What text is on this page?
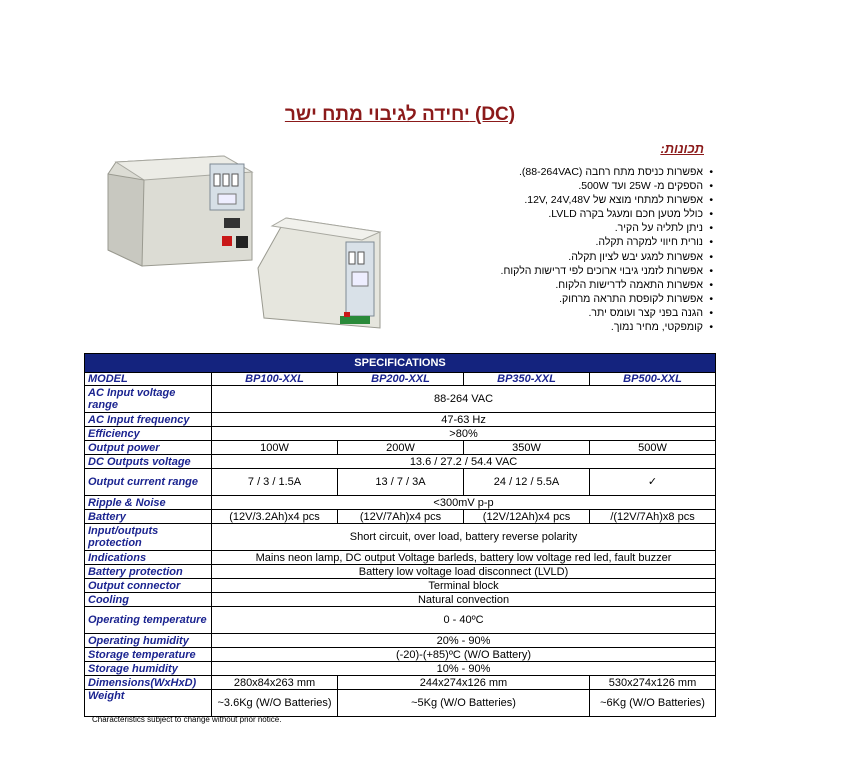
יחידה לגיבוי מתח ישר (DC)
תכונות:
• אפשרות כניסת מתח רחבה (88-264VAC).
• הספקים מ- 25W ועד 500W.
• אפשרות למתחי מוצא של 12V, 24V,48V.
• כולל מטען חכם ומעגל בקרה LVLD.
• ניתן לתליה על הקיר.
• נורית חיווי למקרה תקלה.
• אפשרות למגע יבש לציון תקלה.
• אפשרות לזמני גיבוי ארוכים לפי דרישות הלקוח.
• אפשרות התאמה לדרישות הלקוח.
• אפשרות לקופסת התראה מרחוק.
• הגנה בפני קצר ועומס יתר.
• קומפקטי, מחיר נמוך.
SPECIFICATIONS				
MODEL	BP100-XXL	BP200-XXL	BP350-XXL	BP500-XXL
AC Input voltage range	88-264 VAC			
AC Input frequency	47-63 Hz			
Efficiency	>80%			
Output power	100W	200W	350W	500W
DC Outputs voltage	13.6 / 27.2 / 54.4 VAC			
Output current range	7 / 3 / 1.5A	13 / 7 / 3A	24 / 12 / 5.5A	✓
Ripple & Noise	<300mV p-p			
Battery	(12V/3.2Ah)x4 pcs	(12V/7Ah)x4 pcs	(12V/12Ah)x4 pcs	/(12V/7Ah)x8 pcs
Input/outputs protection	Short circuit, over load, battery reverse polarity			
Indications	Mains neon lamp, DC output Voltage barleds, battery low voltage red led, fault buzzer			
Battery protection	Battery low voltage load disconnect (LVLD)			
Output connector	Terminal block			
Cooling	Natural convection			
Operating temperature	0 - 40ºC			
Operating humidity	20% - 90%			
Storage temperature	(-20)-(+85)ºC (W/O Battery)			
Storage humidity	10% - 90%			
Dimensions(WxHxD)	280x84x263 mm	244x274x126 mm		530x274x126 mm
Weight	~3.6Kg (W/O Batteries)	~5Kg (W/O Batteries)		~6Kg (W/O Batteries)
Characteristics subject to change without prior notice.
